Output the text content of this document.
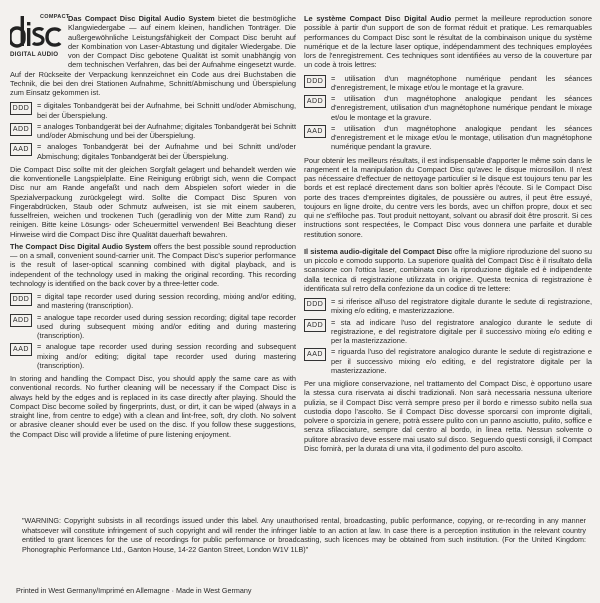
COMPACT
DIGITAL AUDIO

Das Compact Disc Digital Audio System bietet die bestmögliche Klangwiedergabe — auf einem kleinen, handlichen Tonträger. Die außergewöhnliche Leistungsfähigkeit der Compact Disc beruht auf der Kombination von Laser-Abtastung und digitaler Wiedergabe. Die von der Compact Disc gebotene Qualität ist somit unabhängig von dem technischen Verfahren, das bei der Aufnahme eingesetzt wurde. Auf der Rückseite der Verpackung kennzeichnet ein Code aus drei Buchstaben die Technik, die bei den drei Stationen Aufnahme, Schnitt/Abmischung und Überspielung zum Einsatz gekommen ist.

DDD	= digitales Tonbandgerät bei der Aufnahme, bei Schnitt und/oder Abmischung, bei der Überspielung.
ADD	= analoges Tonbandgerät bei der Aufnahme; digitales Tonbandgerät bei Schnitt und/oder Abmischung und bei der Überspielung.
AAD	= analoges Tonbandgerät bei der Aufnahme und bei Schnitt und/oder Abmischung; digitales Tonbandgerät bei der Überspielung.

Die Compact Disc sollte mit der gleichen Sorgfalt gelagert und behandelt werden wie die konventionelle Langspielplatte. Eine Reinigung erübrigt sich, wenn die Compact Disc nur am Rande angefaßt und nach dem Abspielen sofort wieder in die Spezialverpackung zurückgelegt wird. Sollte die Compact Disc Spuren von Fingerabdrücken, Staub oder Schmutz aufweisen, ist sie mit einem sauberen, fusselfreien, weichen und trockenen Tuch (geradlinig von der Mitte zum Rand) zu reinigen. Bitte keine Lösungs- oder Scheuermittel verwenden! Bei Beachtung dieser Hinweise wird die Compact Disc ihre Qualität dauerhaft bewahren.

The Compact Disc Digital Audio System offers the best possible sound reproduction — on a small, convenient sound-carrier unit. The Compact Disc's superior performance is the result of laser-optical scanning combined with digital playback, and is independent of the technology used in making the original recording. This recording technology is identified on the back cover by a three-letter code.

DDD	= digital tape recorder used during session recording, mixing and/or editing, and mastering (transcription).
ADD	= analogue tape recorder used during session recording; digital tape recorder used during subsequent mixing and/or editing and during mastering (transcription).
AAD	= analogue tape recorder used during session recording and subsequent mixing and/or editing; digital tape recorder used during mastering (transcription).

In storing and handling the Compact Disc, you should apply the same care as with conventional records. No further cleaning will be necessary if the Compact Disc is always held by the edges and is replaced in its case directly after playing. Should the Compact Disc become soiled by fingerprints, dust, or dirt, it can be wiped (always in a straight line, from centre to edge) with a clean and lint-free, soft, dry cloth. No solvent or abrasive cleaner should ever be used on the disc. If you follow these suggestions, the Compact Disc will provide a lifetime of pure listening enjoyment.

Le système Compact Disc Digital Audio permet la meilleure reproduction sonore possible à partir d'un support de son de format réduit et pratique. Les remarquables performances du Compact Disc sont le résultat de la combinaison unique du système numérique et de la lecture laser optique, indépendamment des techniques employées lors de l'enregistrement. Ces techniques sont identifiées au verso de la couverture par un code à trois lettres:

DDD	= utilisation d'un magnétophone numérique pendant les séances d'enregistrement, le mixage et/ou le montage et la gravure.
ADD	= utilisation d'un magnétophone analogique pendant les séances d'enregistrement, utilisation d'un magnétophone numérique pendant le mixage et/ou le montage et la gravure.
AAD	= utilisation d'un magnétophone analogique pendant les séances d'enregistrement et le mixage et/ou le montage, utilisation d'un magnétophone numérique pendant la gravure.

Pour obtenir les meilleurs résultats, il est indispensable d'apporter le même soin dans le rangement et la manipulation du Compact Disc qu'avec le disque microsillon. Il n'est pas nécessaire d'effectuer de nettoyage particulier si le disque est toujours tenu par les bords et est replacé directement dans son boîtier après l'écoute. Si le Compact Disc porte des traces d'empreintes digitales, de poussière ou autres, il peut être essuyé, toujours en ligne droite, du centre vers les bords, avec un chiffon propre, doux et sec qui ne s'effiloche pas. Tout produit nettoyant, solvant ou abrasif doit être proscrit. Si ces instructions sont respectées, le Compact Disc vous donnera une parfaite et durable restitution sonore.

Il sistema audio-digitale del Compact Disc offre la migliore riproduzione del suono su un piccolo e comodo supporto. La superiore qualità del Compact Disc è il risultato della scansione con l'ottica laser, combinata con la riproduzione digitale ed è indipendente dalla tecnica di registrazione utilizzata in origine. Questa tecnica di registrazione è identificata sul retro della confezione da un codice di tre lettere:

DDD	= si riferisce all'uso del registratore digitale durante le sedute di registrazione, mixing e/o editing, e masterizzazione.
ADD	= sta ad indicare l'uso del registratore analogico durante le sedute di registrazione, e del registratore digitale per il successivo mixing e/o editing e per la masterizzazione.
AAD	= riguarda l'uso del registratore analogico durante le sedute di registrazione e per il successivo mixing e/o editing, e del registratore digitale per la masterizzazione.

Per una migliore conservazione, nel trattamento del Compact Disc, è opportuno usare la stessa cura riservata ai dischi tradizionali. Non sarà necessaria nessuna ulteriore pulizia, se il Compact Disc verrà sempre preso per il bordo e rimesso subito nella sua custodia dopo l'ascolto. Se il Compact Disc dovesse sporcarsi con impronte digitali, polvere o sporcizia in genere, potrà essere pulito con un panno asciutto, pulito, soffice e senza sfilacciature, sempre dal centro al bordo, in linea retta. Nessun solvente o pulitore abrasivo deve essere mai usato sul disco. Seguendo questi consigli, il Compact Disc fornirà, per la durata di una vita, il godimento del puro ascolto.

"WARNING: Copyright subsists in all recordings issued under this label. Any unauthorised rental, broadcasting, public performance, copying, or re-recording in any manner whatsoever will constitute infringement of such copyright and will render the infringer liable to an action at law. In case there is a perception institution in the relevant country entitled to grant licences for the use of recordings for public performance or broadcasting, such licences may be obtained from such institution. (For the United Kingdom: Phonographic Performance Ltd., Ganton House, 14-22 Ganton Street, London W1V 1LB)"
Printed in West Germany/Imprimé en Allemagne · Made in West Germany
